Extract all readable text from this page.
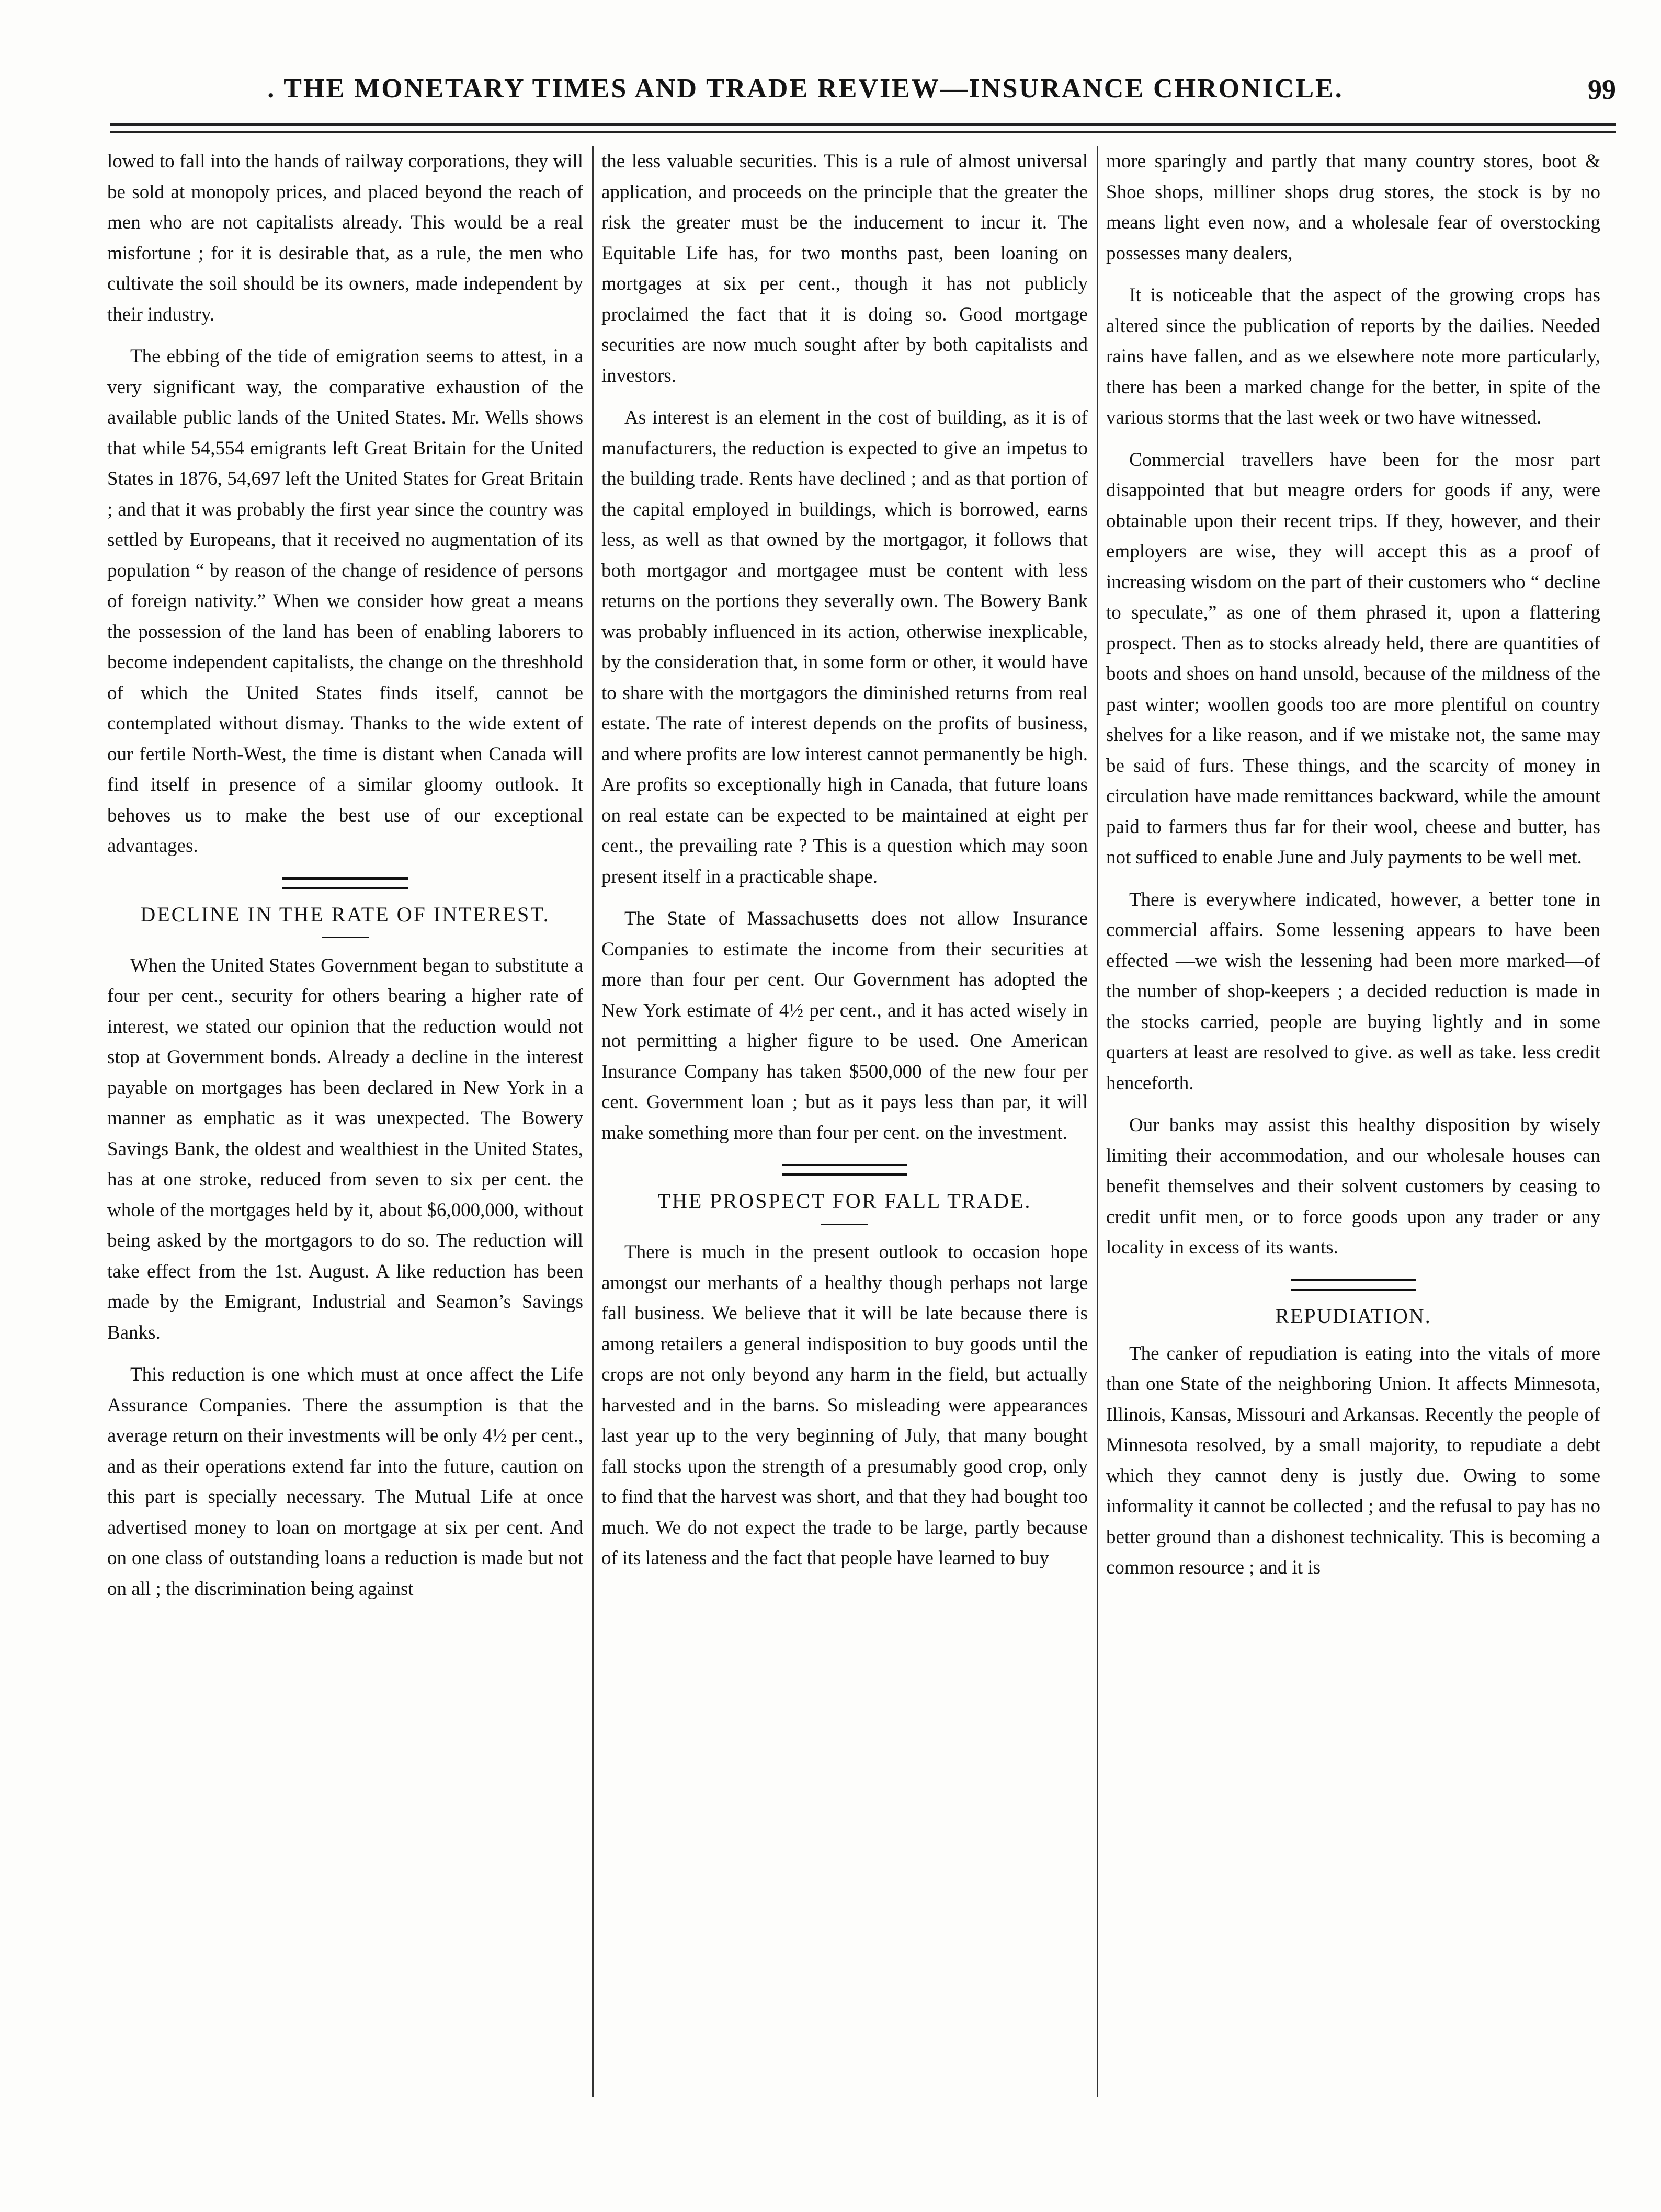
. THE MONETARY TIMES AND TRADE REVIEW—INSURANCE CHRONICLE.	99

lowed to fall into the hands of railway corporations, they will be sold at monopoly prices, and placed beyond the reach of men who are not capitalists already. This would be a real misfortune ; for it is desirable that, as a rule, the men who cultivate the soil should be its owners, made independent by their industry.

The ebbing of the tide of emigration seems to attest, in a very significant way, the comparative exhaustion of the available public lands of the United States. Mr. Wells shows that while 54,554 emigrants left Great Britain for the United States in 1876, 54,697 left the United States for Great Britain ; and that it was probably the first year since the country was settled by Europeans, that it received no augmentation of its population “ by reason of the change of residence of persons of foreign nativity.” When we consider how great a means the possession of the land has been of enabling laborers to become independent capitalists, the change on the threshhold of which the United States finds itself, cannot be contemplated without dismay. Thanks to the wide extent of our fertile North-West, the time is distant when Canada will find itself in presence of a similar gloomy outlook. It behoves us to make the best use of our exceptional advantages.

DECLINE IN THE RATE OF INTEREST.

When the United States Government began to substitute a four per cent., security for others bearing a higher rate of interest, we stated our opinion that the reduction would not stop at Government bonds. Already a decline in the interest payable on mortgages has been declared in New York in a manner as emphatic as it was unexpected. The Bowery Savings Bank, the oldest and wealthiest in the United States, has at one stroke, reduced from seven to six per cent. the whole of the mortgages held by it, about $6,000,000, without being asked by the mortgagors to do so. The reduction will take effect from the 1st. August. A like reduction has been made by the Emigrant, Industrial and Seamon’s Savings Banks.

This reduction is one which must at once affect the Life Assurance Companies. There the assumption is that the average return on their investments will be only 4½ per cent., and as their operations extend far into the future, caution on this part is specially necessary. The Mutual Life at once advertised money to loan on mortgage at six per cent. And on one class of outstanding loans a reduction is made but not on all ; the discrimination being against

the less valuable securities. This is a rule of almost universal application, and proceeds on the principle that the greater the risk the greater must be the inducement to incur it. The Equitable Life has, for two months past, been loaning on mortgages at six per cent., though it has not publicly proclaimed the fact that it is doing so. Good mortgage securities are now much sought after by both capitalists and investors.

As interest is an element in the cost of building, as it is of manufacturers, the reduction is expected to give an impetus to the building trade. Rents have declined ; and as that portion of the capital employed in buildings, which is borrowed, earns less, as well as that owned by the mortgagor, it follows that both mortgagor and mortgagee must be content with less returns on the portions they severally own. The Bowery Bank was probably influenced in its action, otherwise inexplicable, by the consideration that, in some form or other, it would have to share with the mortgagors the diminished returns from real estate. The rate of interest depends on the profits of business, and where profits are low interest cannot permanently be high. Are profits so exceptionally high in Canada, that future loans on real estate can be expected to be maintained at eight per cent., the prevailing rate ? This is a question which may soon present itself in a practicable shape.

The State of Massachusetts does not allow Insurance Companies to estimate the income from their securities at more than four per cent. Our Government has adopted the New York estimate of 4½ per cent., and it has acted wisely in not permitting a higher figure to be used. One American Insurance Company has taken $500,000 of the new four per cent. Government loan ; but as it pays less than par, it will make something more than four per cent. on the investment.

THE PROSPECT FOR FALL TRADE.

There is much in the present outlook to occasion hope amongst our merhants of a healthy though perhaps not large fall business. We believe that it will be late because there is among retailers a general indisposition to buy goods until the crops are not only beyond any harm in the field, but actually harvested and in the barns. So misleading were appearances last year up to the very beginning of July, that many bought fall stocks upon the strength of a presumably good crop, only to find that the harvest was short, and that they had bought too much. We do not expect the trade to be large, partly because of its lateness and the fact that people have learned to buy

more sparingly and partly that many country stores, boot & Shoe shops, milliner shops drug stores, the stock is by no means light even now, and a wholesale fear of overstocking possesses many dealers,

It is noticeable that the aspect of the growing crops has altered since the publication of reports by the dailies. Needed rains have fallen, and as we elsewhere note more particularly, there has been a marked change for the better, in spite of the various storms that the last week or two have witnessed.

Commercial travellers have been for the mosr part disappointed that but meagre orders for goods if any, were obtainable upon their recent trips. If they, however, and their employers are wise, they will accept this as a proof of increasing wisdom on the part of their customers who “ decline to speculate,” as one of them phrased it, upon a flattering prospect. Then as to stocks already held, there are quantities of boots and shoes on hand unsold, because of the mildness of the past winter; woollen goods too are more plentiful on country shelves for a like reason, and if we mistake not, the same may be said of furs. These things, and the scarcity of money in circulation have made remittances backward, while the amount paid to farmers thus far for their wool, cheese and butter, has not sufficed to enable June and July payments to be well met.

There is everywhere indicated, however, a better tone in commercial affairs. Some lessening appears to have been effected —we wish the lessening had been more marked—of the number of shop-keepers ; a decided reduction is made in the stocks carried, people are buying lightly and in some quarters at least are resolved to give. as well as take. less credit henceforth.

Our banks may assist this healthy disposition by wisely limiting their accommodation, and our wholesale houses can benefit themselves and their solvent customers by ceasing to credit unfit men, or to force goods upon any trader or any locality in excess of its wants.

REPUDIATION.

The canker of repudiation is eating into the vitals of more than one State of the neighboring Union. It affects Minnesota, Illinois, Kansas, Missouri and Arkansas. Recently the people of Minnesota resolved, by a small majority, to repudiate a debt which they cannot deny is justly due. Owing to some informality it cannot be collected ; and the refusal to pay has no better ground than a dishonest technicality. This is becoming a common resource ; and it is
